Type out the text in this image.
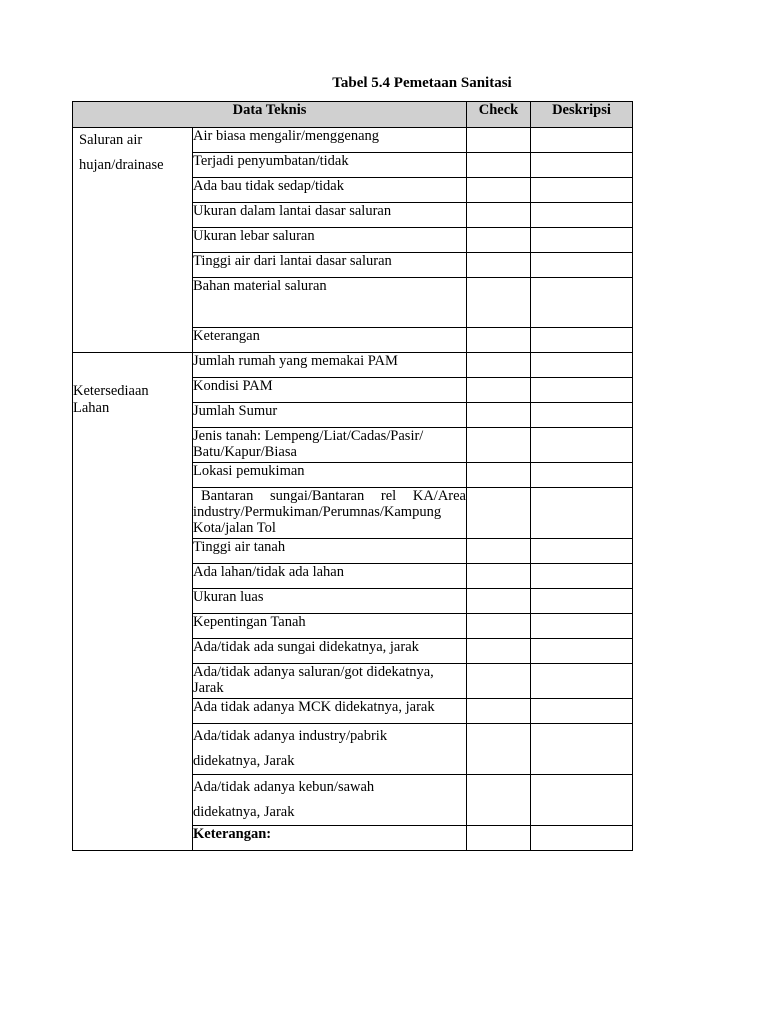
Tabel 5.4 Pemetaan Sanitasi
Data Teknis		Check	Deskripsi

Saluran air
hujan/drainase	Air biasa mengalir/menggenang		
	Terjadi penyumbatan/tidak		
	Ada bau tidak sedap/tidak		
	Ukuran dalam lantai dasar saluran		
	Ukuran lebar saluran		
	Tinggi air dari lantai dasar saluran		
	Bahan material saluran		
	Keterangan		

Ketersediaan
Lahan	Jumlah rumah yang memakai PAM		
	Kondisi PAM		
	Jumlah Sumur		

	Jenis tanah: Lempeng/Liat/Cadas/Pasir/
Batu/Kapur/Biasa		

	Lokasi pemukiman		

	Bantaran sungai/Bantaran rel KA/Area industry/Permukiman/Perumnas/Kampung Kota/jalan Tol		

	Tinggi air tanah		
	Ada lahan/tidak ada lahan		
	Ukuran luas		
	Kepentingan Tanah		
	Ada/tidak ada sungai didekatnya, jarak		

	Ada/tidak adanya saluran/got didekatnya,
Jarak		

	Ada tidak adanya MCK didekatnya, jarak		

	Ada/tidak adanya industry/pabrik
didekatnya, Jarak		

	Ada/tidak adanya kebun/sawah
didekatnya, Jarak		

	Keterangan:		
